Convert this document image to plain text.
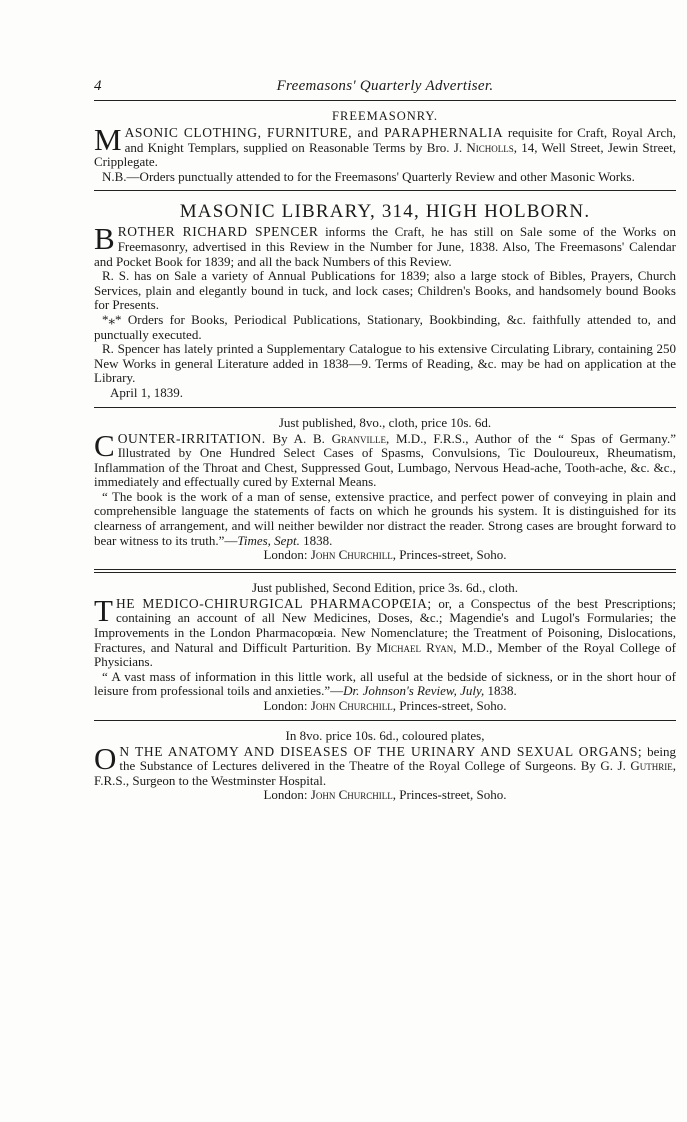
4	Freemasons' Quarterly Advertiser.
FREEMASONRY.

MASONIC CLOTHING, FURNITURE, and PARAPHERNALIA requisite for Craft, Royal Arch, and Knight Templars, supplied on Reasonable Terms by Bro. J. Nicholls, 14, Well Street, Jewin Street, Cripplegate.

N.B.—Orders punctually attended to for the Freemasons' Quarterly Review and other Masonic Works.

MASONIC LIBRARY, 314, HIGH HOLBORN.

BROTHER RICHARD SPENCER informs the Craft, he has still on Sale some of the Works on Freemasonry, advertised in this Review in the Number for June, 1838. Also, The Freemasons' Calendar and Pocket Book for 1839; and all the back Numbers of this Review.

R. S. has on Sale a variety of Annual Publications for 1839; also a large stock of Bibles, Prayers, Church Services, plain and elegantly bound in tuck, and lock cases; Children's Books, and handsomely bound Books for Presents.

*⁎* Orders for Books, Periodical Publications, Stationary, Bookbinding, &c. faithfully attended to, and punctually executed.

R. Spencer has lately printed a Supplementary Catalogue to his extensive Circulating Library, containing 250 New Works in general Literature added in 1838—9. Terms of Reading, &c. may be had on application at the Library.

April 1, 1839.

Just published, 8vo., cloth, price 10s. 6d.

COUNTER-IRRITATION. By A. B. Granville, M.D., F.R.S., Author of the “ Spas of Germany.” Illustrated by One Hundred Select Cases of Spasms, Convulsions, Tic Douloureux, Rheumatism, Inflammation of the Throat and Chest, Suppressed Gout, Lumbago, Nervous Head-ache, Tooth-ache, &c. &c., immediately and effectually cured by External Means.

“ The book is the work of a man of sense, extensive practice, and perfect power of conveying in plain and comprehensible language the statements of facts on which he grounds his system. It is distinguished for its clearness of arrangement, and will neither bewilder nor distract the reader. Strong cases are brought forward to bear witness to its truth.”—Times, Sept. 1838.

London: John Churchill, Princes-street, Soho.

Just published, Second Edition, price 3s. 6d., cloth.

THE MEDICO-CHIRURGICAL PHARMACOPŒIA; or, a Conspectus of the best Prescriptions; containing an account of all New Medicines, Doses, &c.; Magendie's and Lugol's Formularies; the Improvements in the London Pharmacopœia. New Nomenclature; the Treatment of Poisoning, Dislocations, Fractures, and Natural and Difficult Parturition. By Michael Ryan, M.D., Member of the Royal College of Physicians.

“ A vast mass of information in this little work, all useful at the bedside of sickness, or in the short hour of leisure from professional toils and anxieties.”—Dr. Johnson's Review, July, 1838.

London: John Churchill, Princes-street, Soho.

In 8vo. price 10s. 6d., coloured plates,

O N THE ANATOMY AND DISEASES OF THE URINARY AND SEXUAL ORGANS; being the Substance of Lectures delivered in the Theatre of the Royal College of Surgeons. By G. J. Guthrie, F.R.S., Surgeon to the Westminster Hospital.

London: John Churchill, Princes-street, Soho.
